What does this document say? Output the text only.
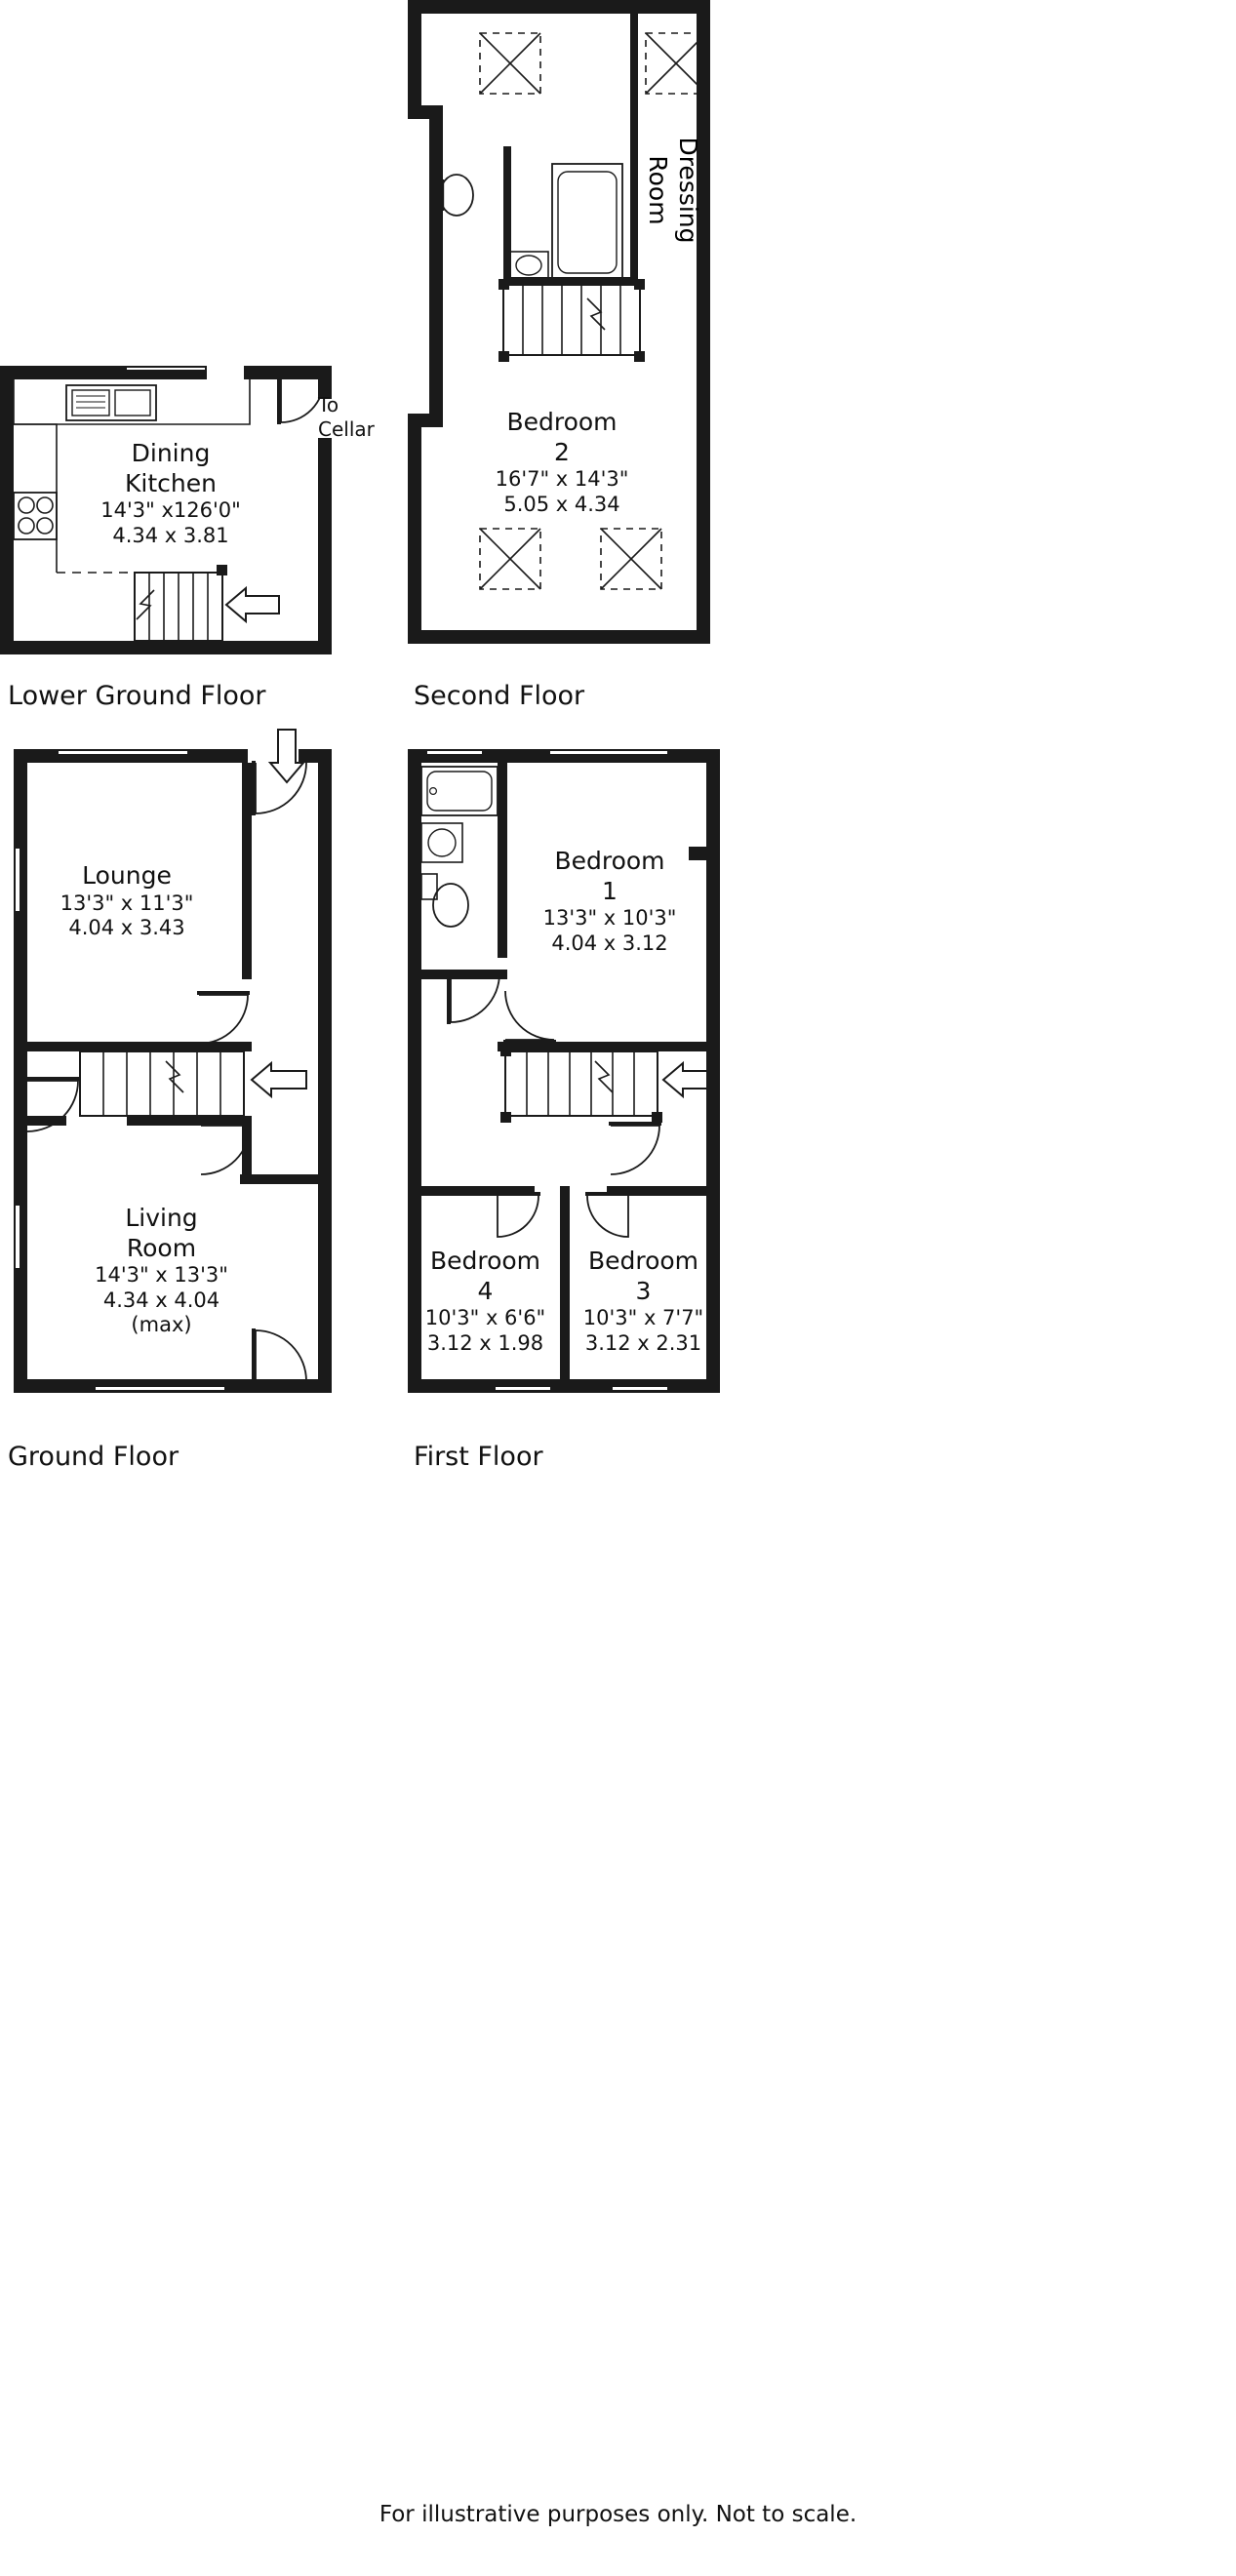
Dining
Kitchen
14'3" x126'0"
4.34 x 3.81
To
Cellar
Lower Ground Floor
Bedroom
2
16'7" x 14'3"
5.05 x 4.34
Dressing
Room
Second Floor
Lounge
13'3" x 11'3"
4.04 x 3.43
Living
Room
14'3" x 13'3"
4.34 x 4.04
(max)
Ground Floor
Bedroom
1
13'3" x 10'3"
4.04 x 3.12
Bedroom
4
10'3" x 6'6"
3.12 x 1.98
Bedroom
3
10'3" x 7'7"
3.12 x 2.31
First Floor
For illustrative purposes only. Not to scale.
